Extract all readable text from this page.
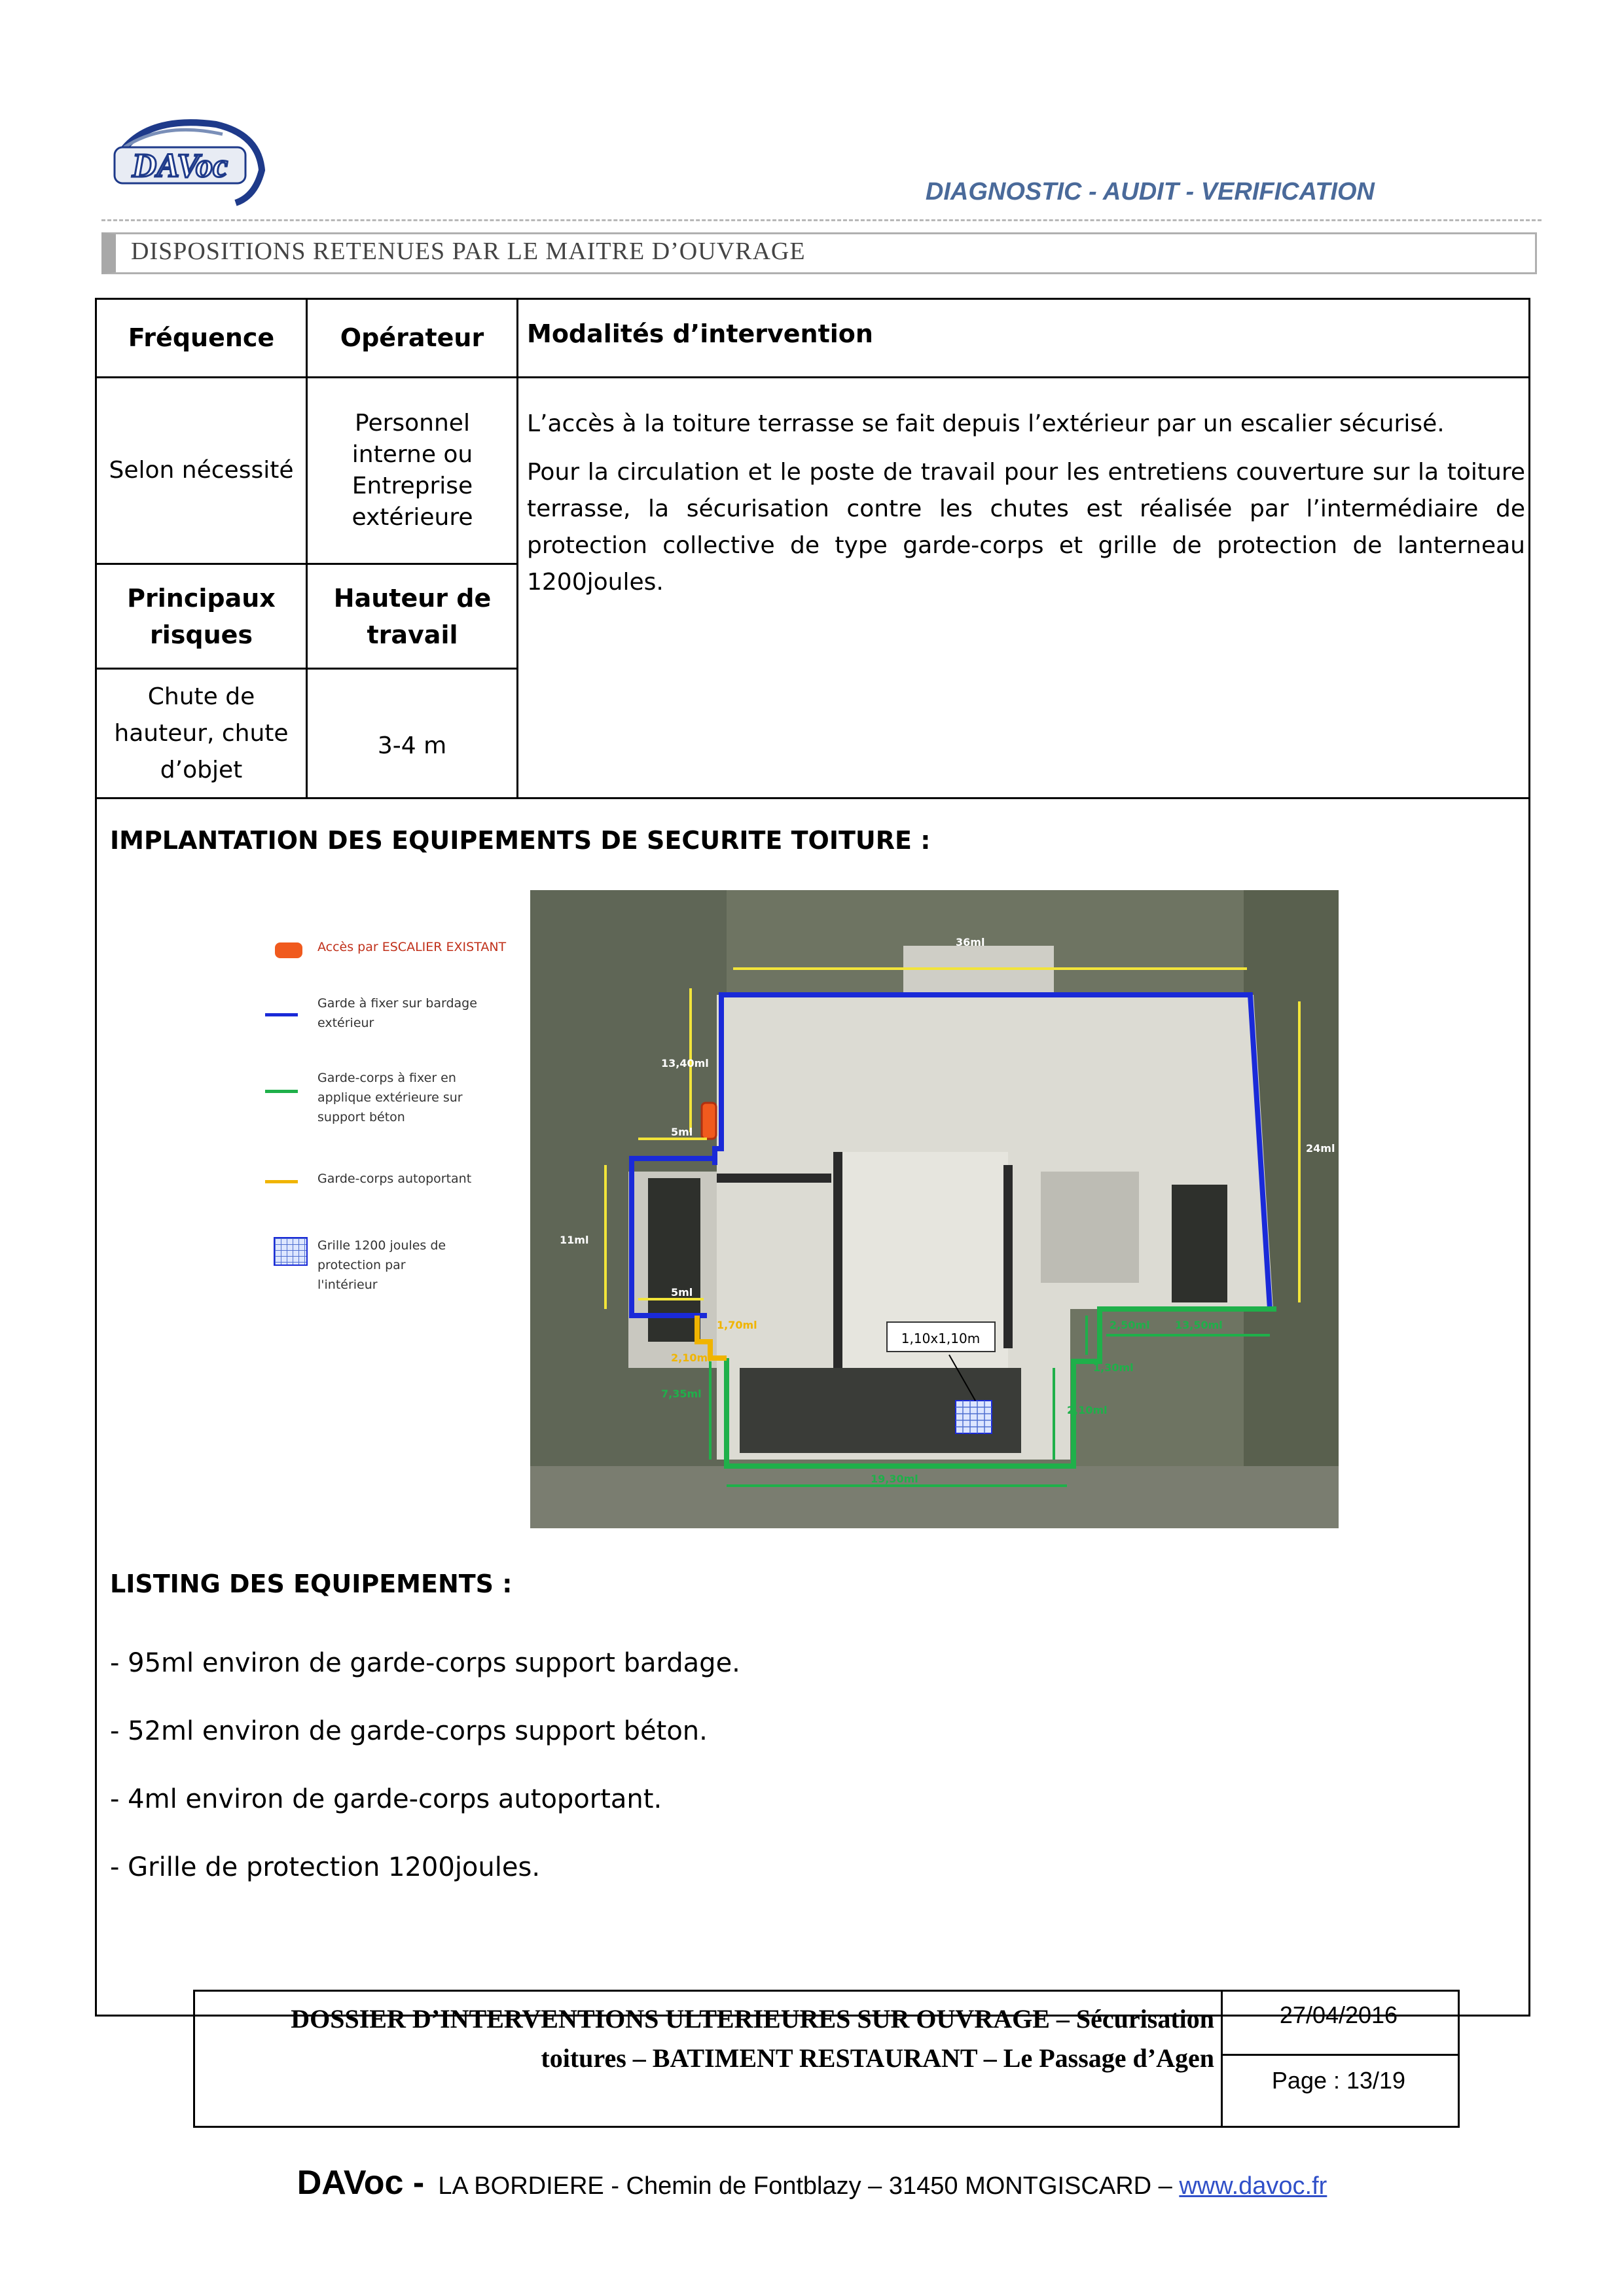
DAVoc
DIAGNOSTIC - AUDIT - VERIFICATION
DISPOSITIONS RETENUES PAR LE MAITRE D’OUVRAGE
Fréquence	Opérateur	Modalités d’intervention
Selon nécessité
Personnel interne ou Entreprise extérieure
Principaux risques
Hauteur de travail
Chute de hauteur, chute d’objet
3-4 m

L’accès à la toiture terrasse se fait depuis l’extérieur par un escalier sécurisé.

Pour la circulation et le poste de travail pour les entretiens couverture sur la toiture terrasse, la sécurisation contre les chutes est réalisée par l’intermédiaire de protection collective de type garde-corps et grille de protection de lanterneau 1200joules.

IMPLANTATION DES EQUIPEMENTS DE SECURITE TOITURE :
1,10x1,10m
36ml
13,40ml
24ml
5ml
11ml
5ml
1,70ml
2,10ml
7,35ml
19,30ml
2,50ml 13,50ml
1,30ml
2,10ml
Accès par ESCALIER EXISTANT
Garde à fixer sur bardage extérieur
Garde-corps à fixer en applique extérieure sur support béton
Garde-corps autoportant
Grille 1200 joules de protection par l'intérieur
LISTING DES EQUIPEMENTS :
- 95ml environ de garde-corps support bardage.
- 52ml environ de garde-corps support béton.
- 4ml environ de garde-corps autoportant.
- Grille de protection 1200joules.
DOSSIER D’INTERVENTIONS ULTERIEURES SUR OUVRAGE – Sécurisation
toitures – BATIMENT RESTAURANT – Le Passage d’Agen
27/04/2016
Page : 13/19
DAVoc - LA BORDIERE - Chemin de Fontblazy – 31450 MONTGISCARD – www.davoc.fr
